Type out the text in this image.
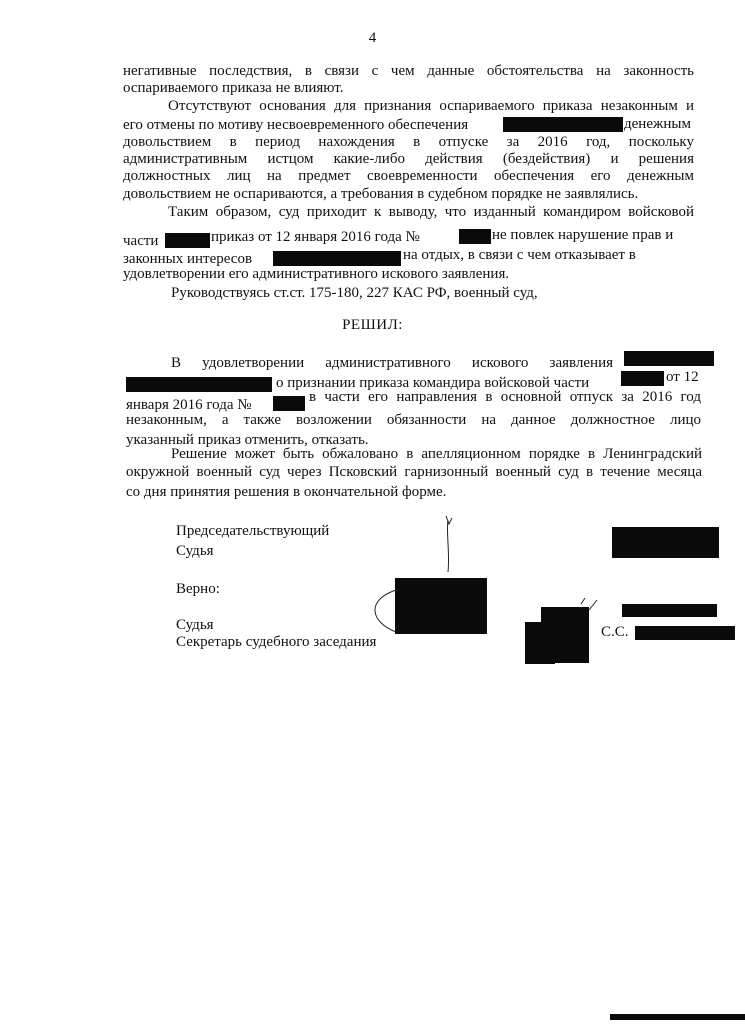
4
негативные последствия, в связи с чем данные обстоятельства на законность
оспариваемого приказа не влияют.
Отсутствуют основания для признания оспариваемого приказа незаконным и
его отмены по мотиву несвоевременного обеспечения	денежным
довольствием в период нахождения в отпуске за 2016 год, поскольку
административным истцом какие-либо действия (бездействия) и решения
должностных лиц на предмет своевременности обеспечения его денежным
довольствием не оспариваются, а требования в судебном порядке не заявлялись.
Таким образом, суд приходит к выводу, что изданный командиром войсковой
части	приказ от 12 января 2016 года №	не повлек нарушение прав и
законных интересов	на отдых, в связи с чем отказывает в
удовлетворении его административного искового заявления.
Руководствуясь ст.ст. 175-180, 227 КАС РФ, военный суд,
РЕШИЛ:
В удовлетворении административного искового заявления
о признании приказа командира войсковой части	от 12
января 2016 года №	в части его направления в основной отпуск за 2016 год
незаконным, а также возложении обязанности на данное должностное лицо
указанный приказ отменить, отказать.
Решение может быть обжаловано в апелляционном порядке в Ленинградский
окружной военный суд через Псковский гарнизонный военный суд в течение месяца
со дня принятия решения в окончательной форме.
Председательствующий
Судья
Верно:
Судья
Секретарь судебного заседания
С.С.
